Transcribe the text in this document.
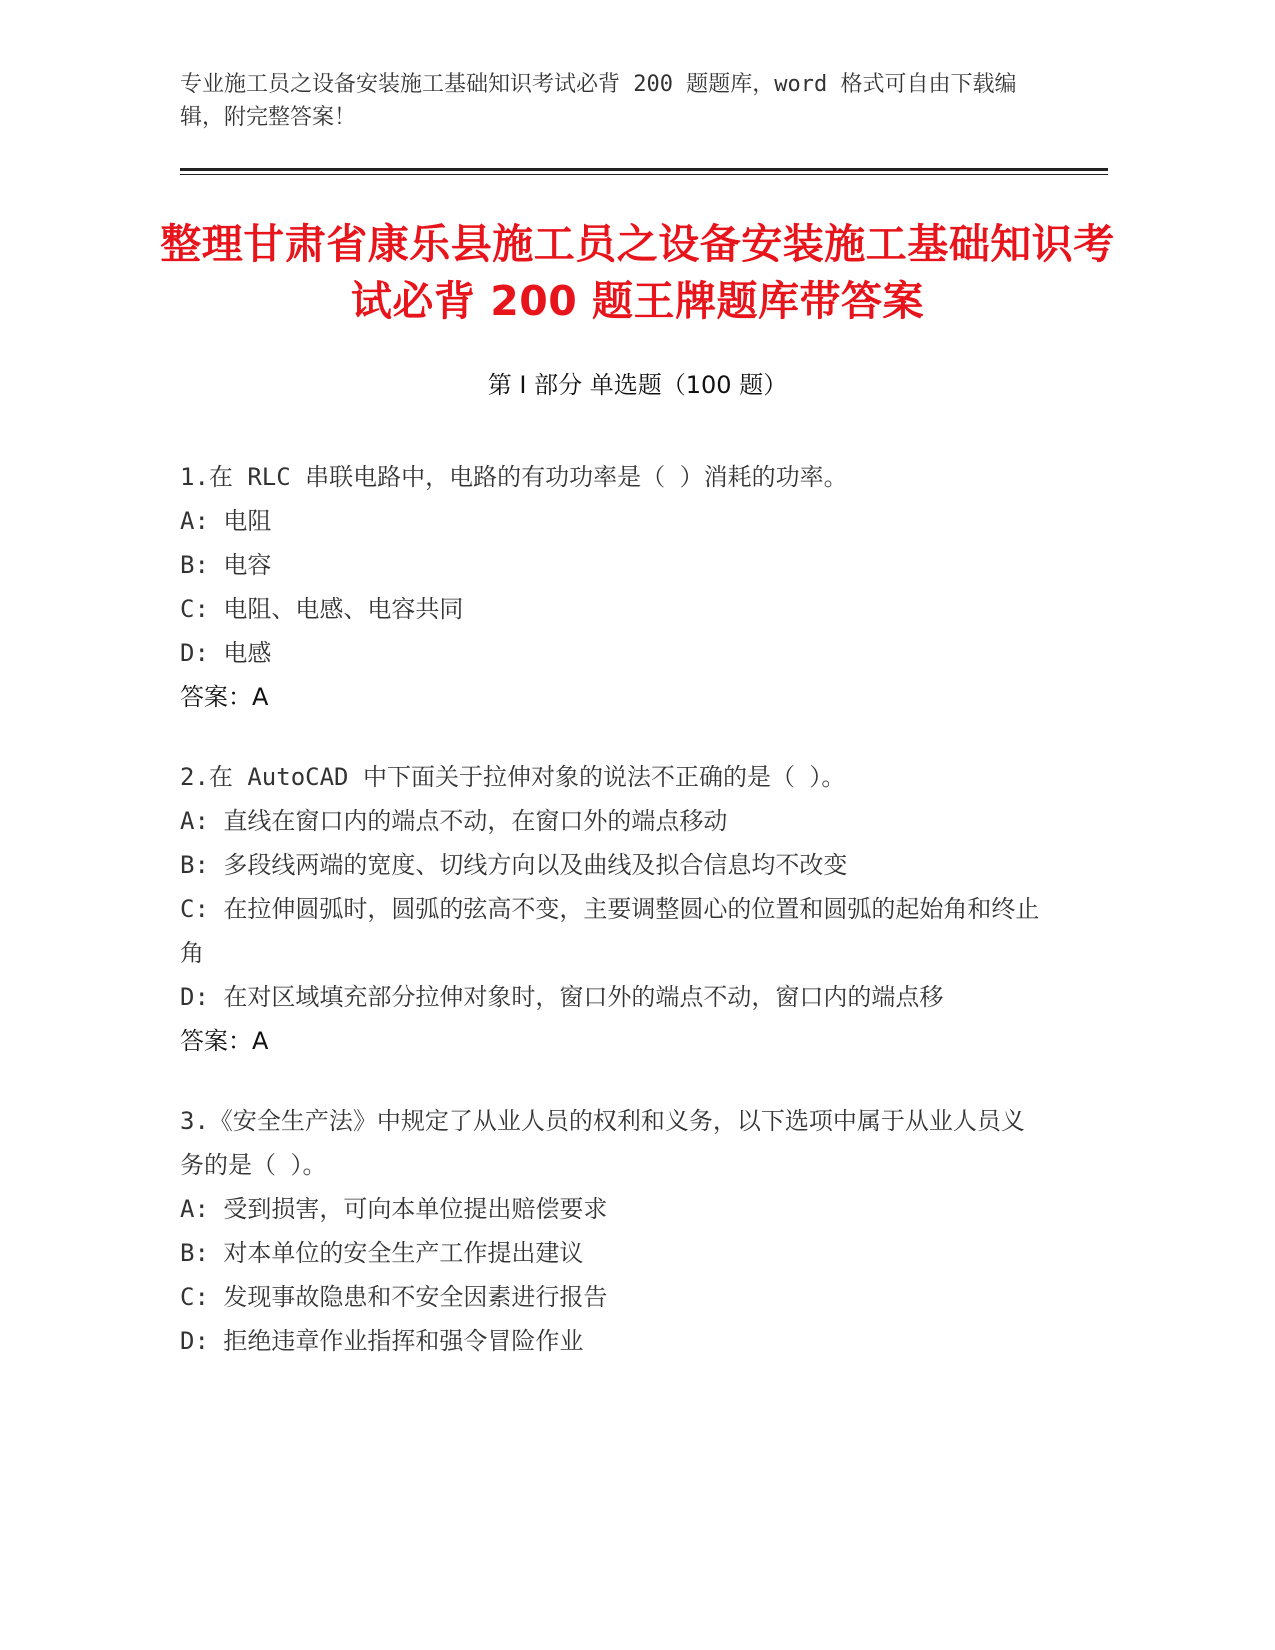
专业施工员之设备安装施工基础知识考试必背 200 题题库，word 格式可自由下载编辑，附完整答案！
整理甘肃省康乐县施工员之设备安装施工基础知识考试必背 200 题王牌题库带答案
第 I 部分 单选题（100 题）

1.在 RLC 串联电路中，电路的有功功率是（ ）消耗的功率。

A: 电阻

B: 电容

C: 电阻、电感、电容共同

D: 电感

答案：A

2.在 AutoCAD 中下面关于拉伸对象的说法不正确的是（ ）。

A: 直线在窗口内的端点不动，在窗口外的端点移动

B: 多段线两端的宽度、切线方向以及曲线及拟合信息均不改变

C: 在拉伸圆弧时，圆弧的弦高不变，主要调整圆心的位置和圆弧的起始角和终止角

D: 在对区域填充部分拉伸对象时，窗口外的端点不动，窗口内的端点移

答案：A

3.《安全生产法》中规定了从业人员的权利和义务，以下选项中属于从业人员义务的是（ ）。

A: 受到损害，可向本单位提出赔偿要求

B: 对本单位的安全生产工作提出建议

C: 发现事故隐患和不安全因素进行报告

D: 拒绝违章作业指挥和强令冒险作业
